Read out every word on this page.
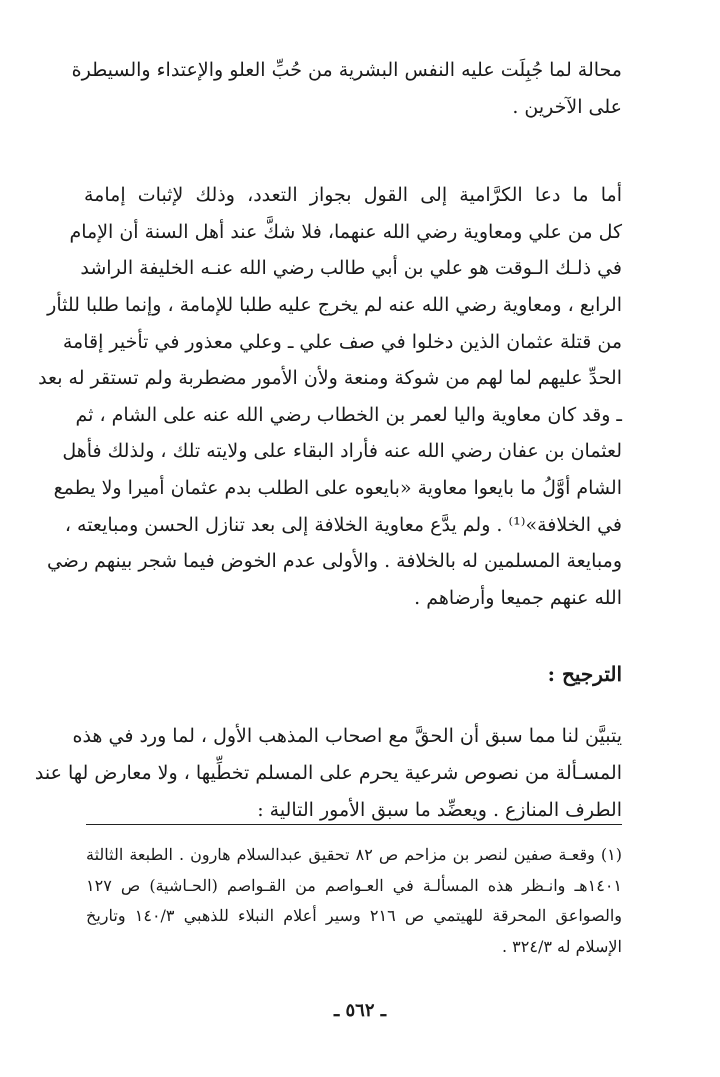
محالة لما جُبِلَت عليه النفس البشرية من حُبِّ العلو والإعتداء والسيطرة
على الآخرين .
أما ما دعا الكرَّامية إلى القول بجواز التعدد، وذلك لإثبات إمامة
كل من علي ومعاوية رضي الله عنهما، فلا شكَّ عند أهل السنة أن الإمام
في ذلـك الـوقت هو علي بن أبي طالب رضي الله عنـه الخليفة الراشد
الرابع ، ومعاوية رضي الله عنه لم يخرج عليه طلبا للإمامة ، وإنما طلبا للثأر
من قتلة عثمان الذين دخلوا في صف علي ـ وعلي معذور في تأخير إقامة
الحدِّ عليهم لما لهم من شوكة ومنعة ولأن الأمور مضطربة ولم تستقر له بعد
ـ وقد كان معاوية واليا لعمر بن الخطاب رضي الله عنه على الشام ، ثم
لعثمان بن عفان رضي الله عنه فأراد البقاء على ولايته تلك ، ولذلك فأهل
الشام أوَّلُ ما بايعوا معاوية «بايعوه على الطلب بدم عثمان أميرا ولا يطمع
في الخلافة»⁽¹⁾ . ولم يدَّع معاوية الخلافة إلى بعد تنازل الحسن ومبايعته ،
ومبايعة المسلمين له بالخلافة . والأولى عدم الخوض فيما شجر بينهم رضي
الله عنهم جميعا وأرضاهم .
الترجيح :
يتبيَّن لنا مما سبق أن الحقَّ مع اصحاب المذهب الأول ، لما ورد في هذه
المسـألة من نصوص شرعية يحرم على المسلم تخطِّيها ، ولا معارض لها عند
الطرف المنازع . ويعضِّد ما سبق الأمور التالية :
(١) وقعـة صفين لنصر بن مزاحم ص ٨٢ تحقيق عبدالسلام هارون . الطبعة الثالثة
١٤٠١هـ وانـظر هذه المسألـة في العـواصم من القـواصم (الحـاشية) ص ١٢٧
والصواعق المحرقة للهيتمي ص ٢١٦ وسير أعلام النبلاء للذهبي ١٤٠/٣ وتاريخ
الإسلام له ٣٢٤/٣ .
ـ ٥٦٢ ـ
